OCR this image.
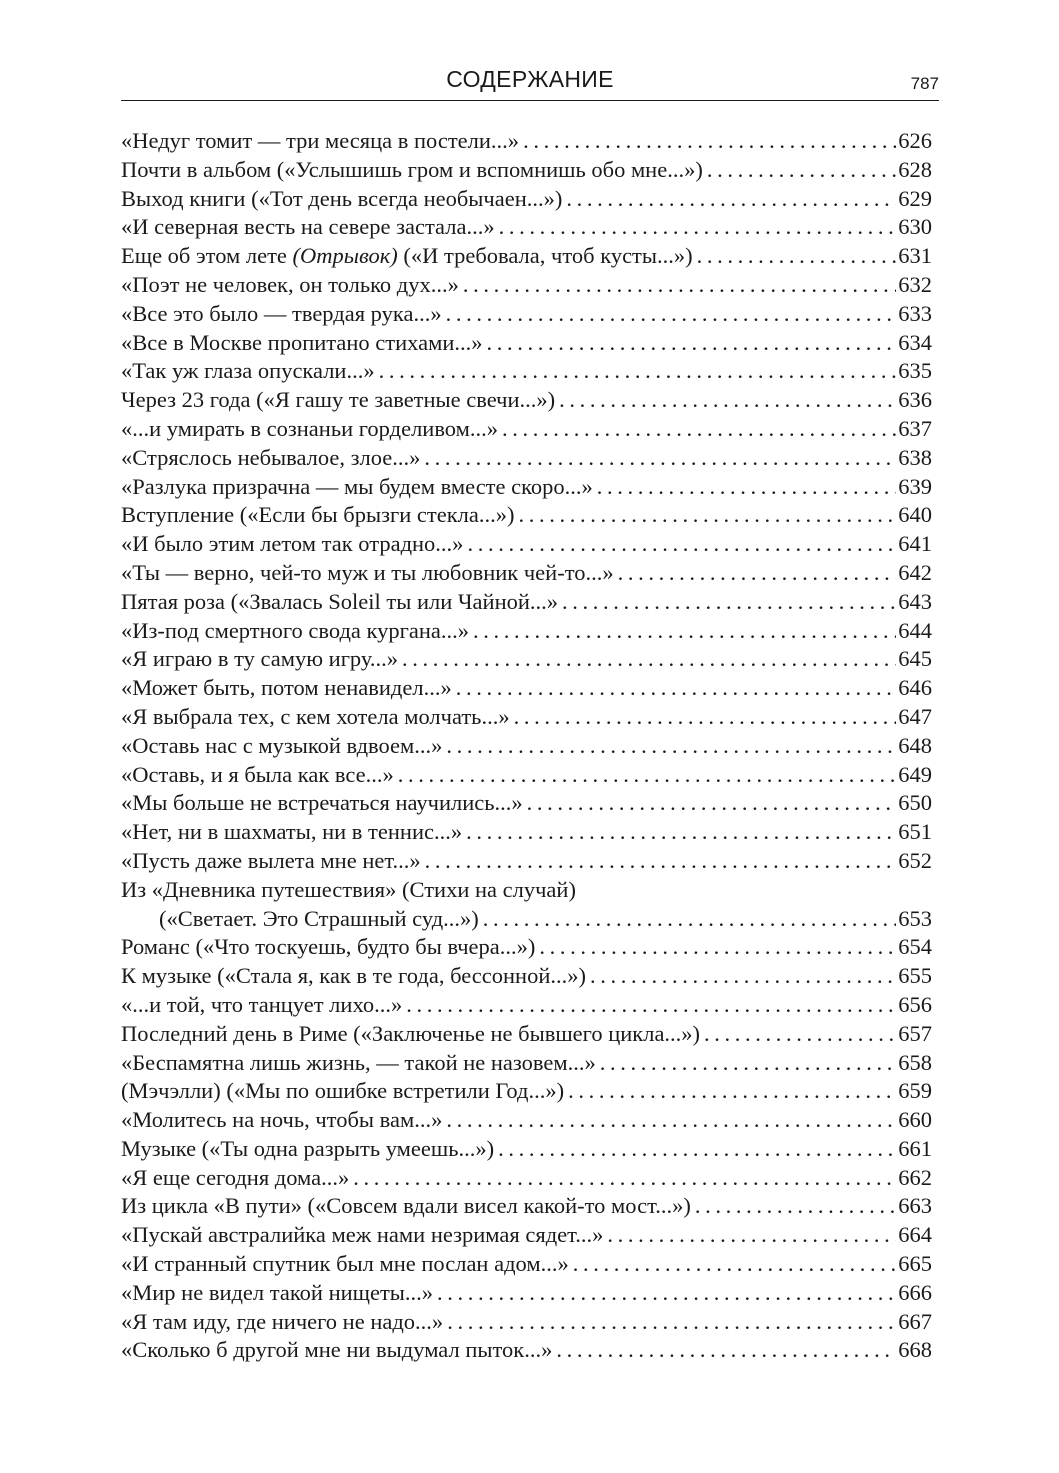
СОДЕРЖАНИЕ	787
«Недуг томит — три месяца в постели...» . . .	626
Почти в альбом («Услышишь гром и вспомнишь обо мне...») . . .	628
Выход книги («Тот день всегда необычаен...») . . .	629
«И северная весть на севере застала...» . . .	630
Еще об этом лете (Отрывок) («И требовала, чтоб кусты...») . . .	631
«Поэт не человек, он только дух...» . . .	632
«Все это было — твердая рука...» . . .	633
«Все в Москве пропитано стихами...» . . .	634
«Так уж глаза опускали...» . . .	635
Через 23 года («Я гашу те заветные свечи...») . . .	636
«...и умирать в сознаньи горделивом...» . . .	637
«Стряслось небывалое, злое...» . . .	638
«Разлука призрачна — мы будем вместе скоро...» . . .	639
Вступление («Если бы брызги стекла...») . . .	640
«И было этим летом так отрадно...» . . .	641
«Ты — верно, чей-то муж и ты любовник чей-то...» . . .	642
Пятая роза («Звалась Soleil ты или Чайной...» . . .	643
«Из-под смертного свода кургана...» . . .	644
«Я играю в ту самую игру...» . . .	645
«Может быть, потом ненавидел...» . . .	646
«Я выбрала тех, с кем хотела молчать...» . . .	647
«Оставь нас с музыкой вдвоем...» . . .	648
«Оставь, и я была как все...» . . .	649
«Мы больше не встречаться научились...» . . .	650
«Нет, ни в шахматы, ни в теннис...» . . .	651
«Пусть даже вылета мне нет...» . . .	652
Из «Дневника путешествия» (Стихи на случай)
(«Светает. Это Страшный суд...») . . .	653
Романс («Что тоскуешь, будто бы вчера...») . . .	654
К музыке («Стала я, как в те года, бессонной...») . . .	655
«...и той, что танцует лихо...» . . .	656
Последний день в Риме («Заключенье не бывшего цикла...») . . .	657
«Беспамятна лишь жизнь, — такой не назовем...» . . .	658
(Мэчэлли) («Мы по ошибке встретили Год...») . . .	659
«Молитесь на ночь, чтобы вам...» . . .	660
Музыке («Ты одна разрыть умеешь...») . . .	661
«Я еще сегодня дома...» . . .	662
Из цикла «В пути» («Совсем вдали висел какой-то мост...») . . .	663
«Пускай австралийка меж нами незримая сядет...» . . .	664
«И странный спутник был мне послан адом...» . . .	665
«Мир не видел такой нищеты...» . . .	666
«Я там иду, где ничего не надо...» . . .	667
«Сколько б другой мне ни выдумал пыток...» . . .	668
